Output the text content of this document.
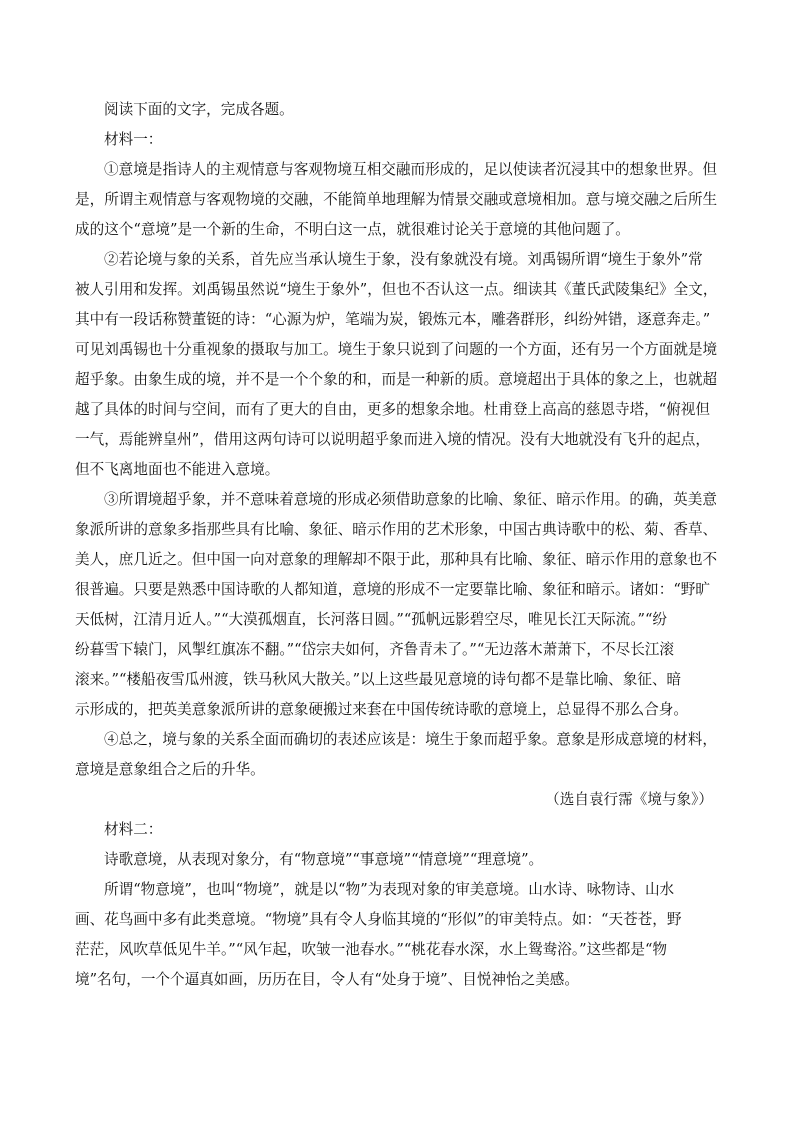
阅读下面的文字，完成各题。

材料一：

①意境是指诗人的主观情意与客观物境互相交融而形成的，足以使读者沉浸其中的想象世界。但

是，所谓主观情意与客观物境的交融，不能简单地理解为情景交融或意境相加。意与境交融之后所生

成的这个“意境”是一个新的生命，不明白这一点，就很难讨论关于意境的其他问题了。

②若论境与象的关系，首先应当承认境生于象，没有象就没有境。刘禹锡所谓“境生于象外”常

被人引用和发挥。刘禹锡虽然说“境生于象外”，但也不否认这一点。细读其《董氏武陵集纪》全文，

其中有一段话称赞董铤的诗：“心源为炉，笔端为炭，锻炼元本，雕砻群形，纠纷舛错，逐意奔走。”

可见刘禹锡也十分重视象的摄取与加工。境生于象只说到了问题的一个方面，还有另一个方面就是境

超乎象。由象生成的境，并不是一个个象的和，而是一种新的质。意境超出于具体的象之上，也就超

越了具体的时间与空间，而有了更大的自由，更多的想象余地。杜甫登上高高的慈恩寺塔，“俯视但

一气，焉能辨皇州”，借用这两句诗可以说明超乎象而进入境的情况。没有大地就没有飞升的起点，

但不飞离地面也不能进入意境。

③所谓境超乎象，并不意味着意境的形成必须借助意象的比喻、象征、暗示作用。的确，英美意

象派所讲的意象多指那些具有比喻、象征、暗示作用的艺术形象，中国古典诗歌中的松、菊、香草、

美人，庶几近之。但中国一向对意象的理解却不限于此，那种具有比喻、象征、暗示作用的意象也不

很普遍。只要是熟悉中国诗歌的人都知道，意境的形成不一定要靠比喻、象征和暗示。诸如：“野旷

天低树，江清月近人。”“大漠孤烟直，长河落日圆。”“孤帆远影碧空尽，唯见长江天际流。”“纷

纷暮雪下辕门，风掣红旗冻不翻。”“岱宗夫如何，齐鲁青未了。”“无边落木萧萧下，不尽长江滚

滚来。”“楼船夜雪瓜州渡，铁马秋风大散关。”以上这些最见意境的诗句都不是靠比喻、象征、暗

示形成的，把英美意象派所讲的意象硬搬过来套在中国传统诗歌的意境上，总显得不那么合身。

④总之，境与象的关系全面而确切的表述应该是：境生于象而超乎象。意象是形成意境的材料，

意境是意象组合之后的升华。

（选自袁行霈《境与象》）

材料二：

诗歌意境，从表现对象分，有“物意境”“事意境”“情意境”“理意境”。

所谓“物意境”，也叫“物境”，就是以“物”为表现对象的审美意境。山水诗、咏物诗、山水

画、花鸟画中多有此类意境。“物境”具有令人身临其境的“形似”的审美特点。如：“天苍苍，野

茫茫，风吹草低见牛羊。”“风乍起，吹皱一池春水。”“桃花春水深，水上鸳鸯浴。”这些都是“物

境”名句，一个个逼真如画，历历在目，令人有“处身于境”、目悦神怡之美感。
